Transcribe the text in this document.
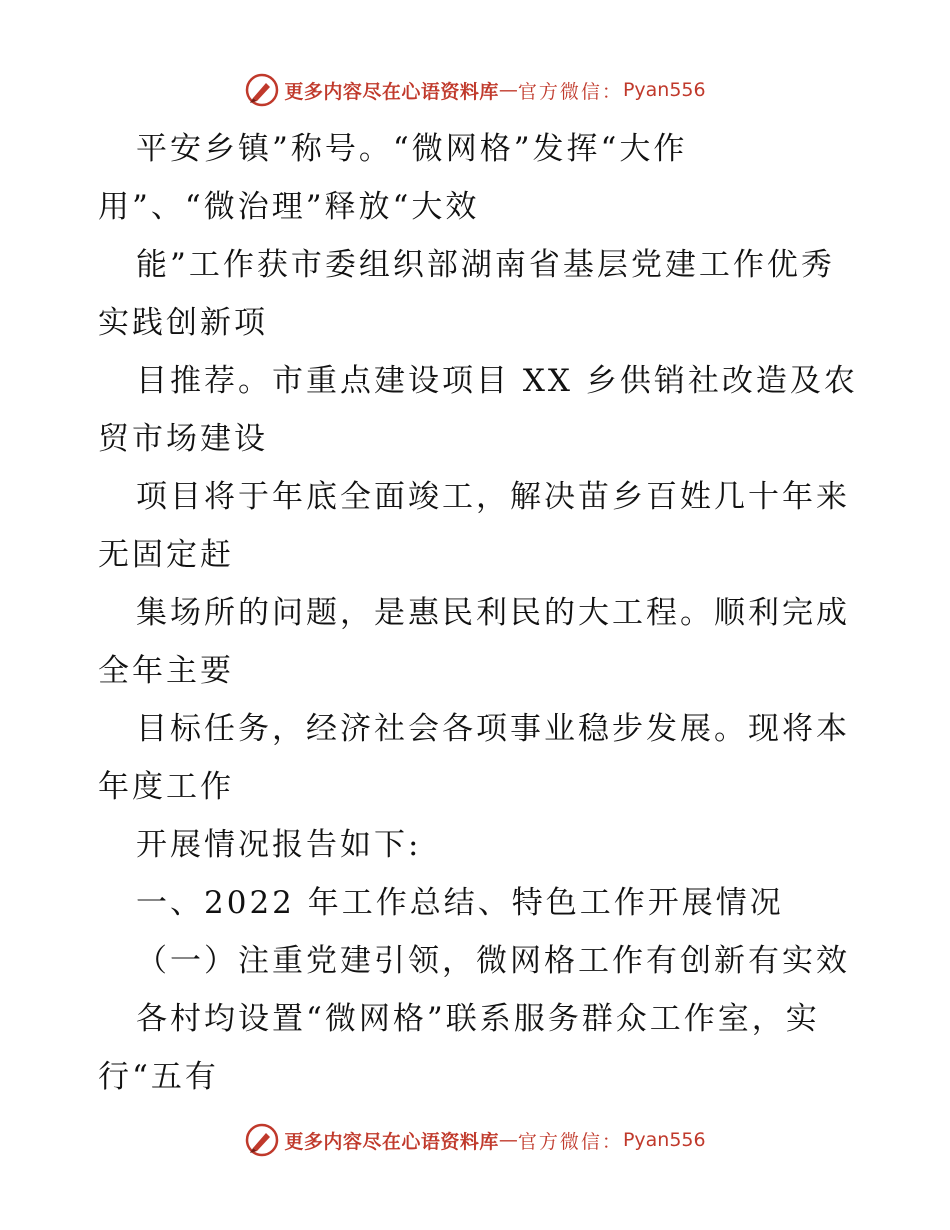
更多内容尽在心语资料库 — 官方微信： Pyan556
平安乡镇”称号。“微网格”发挥“大作
用”、“微治理”释放“大效
能”工作获市委组织部湖南省基层党建工作优秀
实践创新项
目推荐。市重点建设项目 XX 乡供销社改造及农
贸市场建设
项目将于年底全面竣工，解决苗乡百姓几十年来
无固定赶
集场所的问题，是惠民利民的大工程。顺利完成
全年主要
目标任务，经济社会各项事业稳步发展。现将本
年度工作
开展情况报告如下:
一、2022 年工作总结、特色工作开展情况
（一）注重党建引领，微网格工作有创新有实效
各村均设置“微网格”联系服务群众工作室，实
行“五有
更多内容尽在心语资料库 — 官方微信： Pyan556
